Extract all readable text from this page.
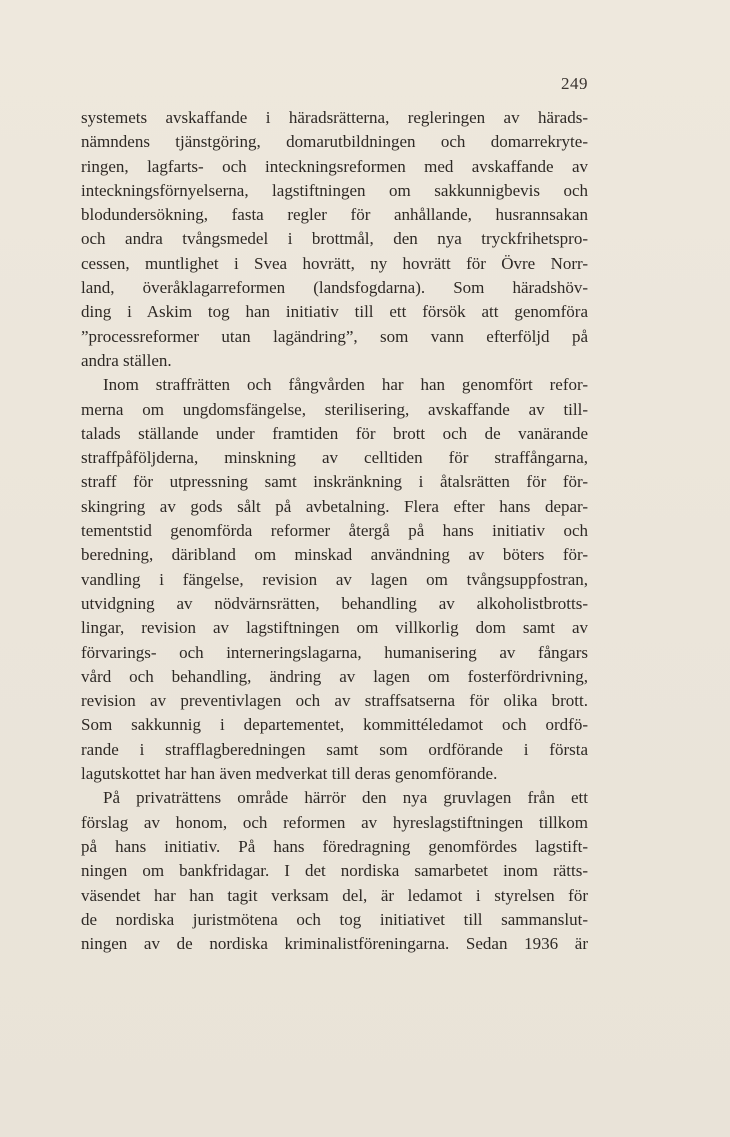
249
systemets avskaffande i häradsrätterna, regleringen av härads-
nämndens tjänstgöring, domarutbildningen och domarrekryte-
ringen, lagfarts- och inteckningsreformen med avskaffande av
inteckningsförnyelserna, lagstiftningen om sakkunnigbevis och
blodundersökning, fasta regler för anhållande, husrannsakan
och andra tvångsmedel i brottmål, den nya tryckfrihetspro-
cessen, muntlighet i Svea hovrätt, ny hovrätt för Övre Norr-
land, överåklagarreformen (landsfogdarna). Som häradshöv-
ding i Askim tog han initiativ till ett försök att genomföra
”processreformer utan lagändring”, som vann efterföljd på
andra ställen.
Inom straffrätten och fångvården har han genomfört refor-
merna om ungdomsfängelse, sterilisering, avskaffande av till-
talads ställande under framtiden för brott och de vanärande
straffpåföljderna, minskning av celltiden för straffångarna,
straff för utpressning samt inskränkning i åtalsrätten för för-
skingring av gods sålt på avbetalning. Flera efter hans depar-
tementstid genomförda reformer återgå på hans initiativ och
beredning, däribland om minskad användning av böters för-
vandling i fängelse, revision av lagen om tvångsuppfostran,
utvidgning av nödvärnsrätten, behandling av alkoholistbrotts-
lingar, revision av lagstiftningen om villkorlig dom samt av
förvarings- och interneringslagarna, humanisering av fångars
vård och behandling, ändring av lagen om fosterfördrivning,
revision av preventivlagen och av straffsatserna för olika brott.
Som sakkunnig i departementet, kommittéledamot och ordfö-
rande i strafflagberedningen samt som ordförande i första
lagutskottet har han även medverkat till deras genomförande.
På privaträttens område härrör den nya gruvlagen från ett
förslag av honom, och reformen av hyreslagstiftningen tillkom
på hans initiativ. På hans föredragning genomfördes lagstift-
ningen om bankfridagar. I det nordiska samarbetet inom rätts-
väsendet har han tagit verksam del, är ledamot i styrelsen för
de nordiska juristmötena och tog initiativet till sammanslut-
ningen av de nordiska kriminalistföreningarna. Sedan 1936 är
